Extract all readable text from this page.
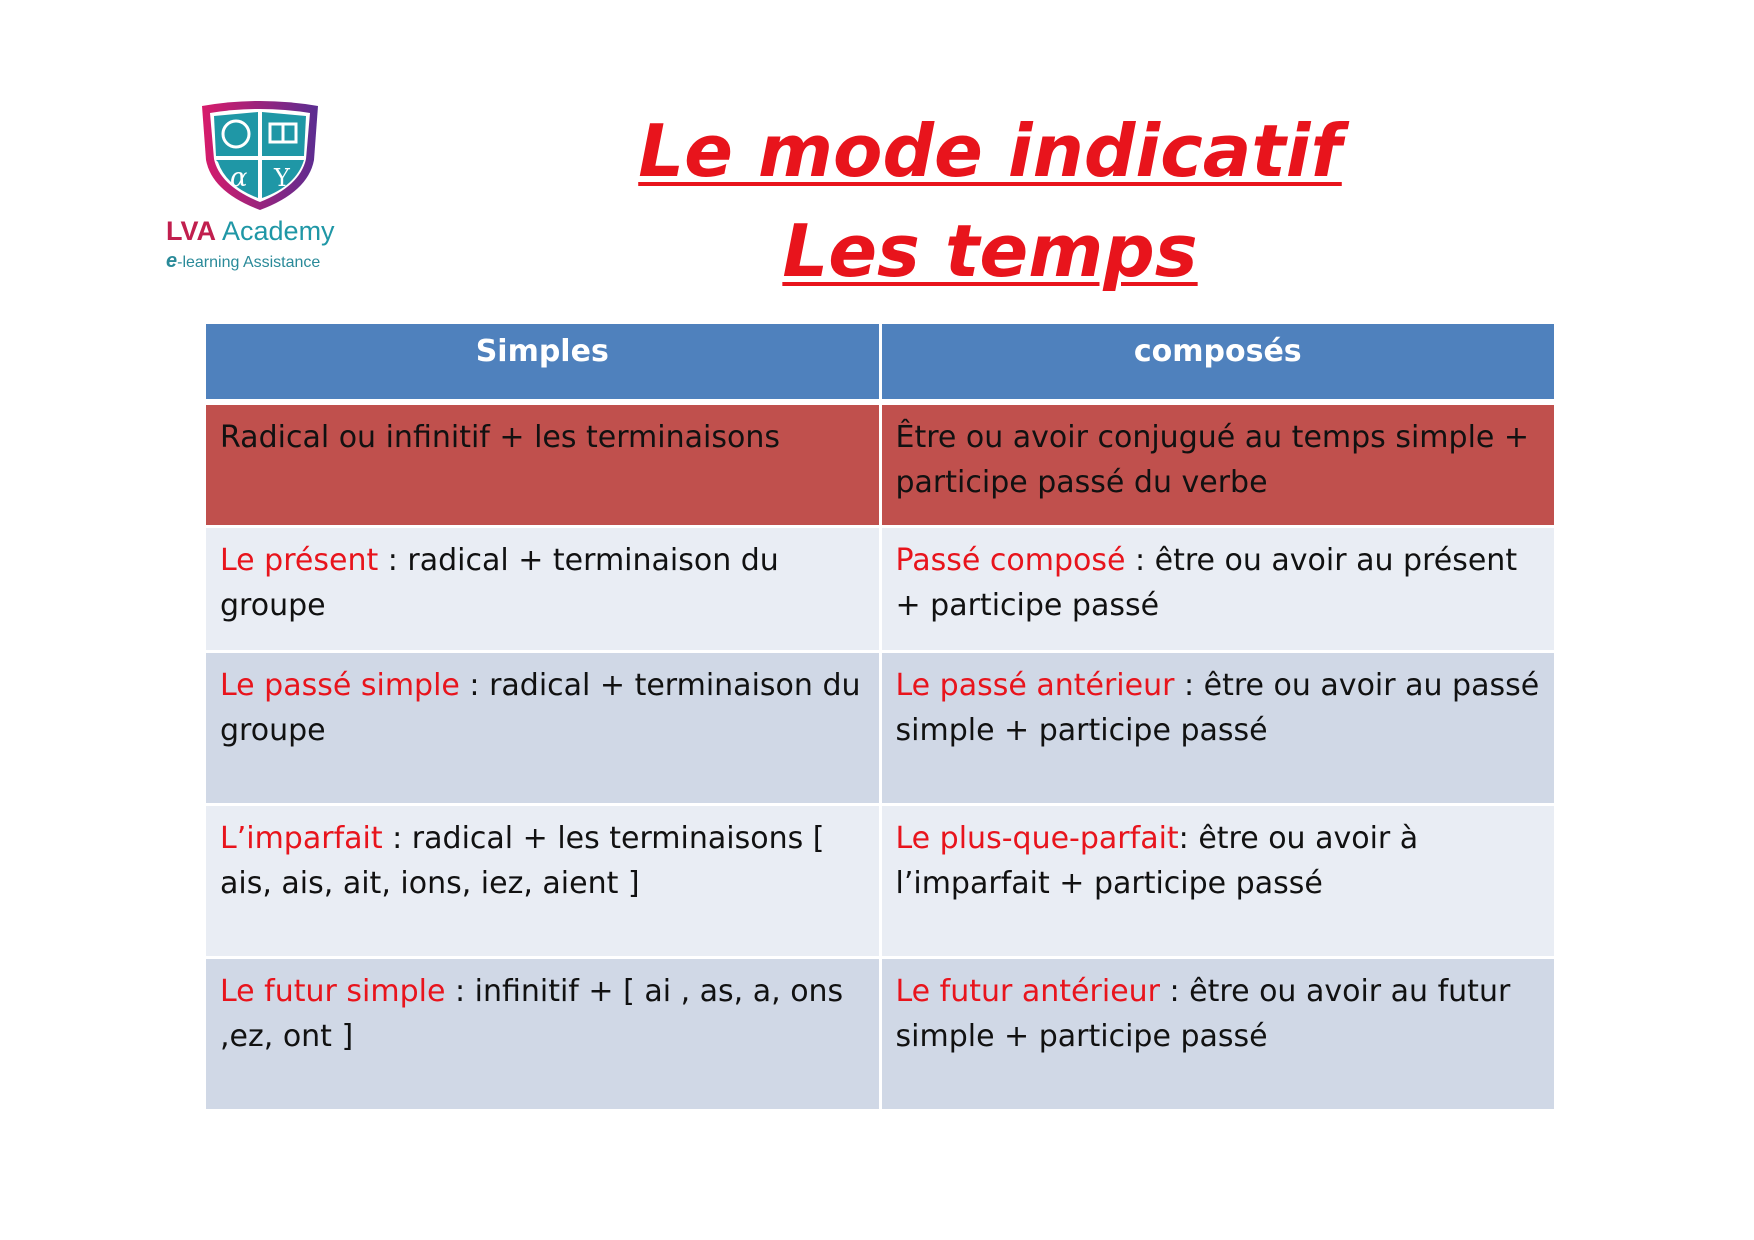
α Y
LVA Academy
e-learning Assistance
Le mode indicatif
Les temps
Simples	composés
Radical ou infinitif + les terminaisons	Être ou avoir conjugué au temps simple + participe passé du verbe
Le présent : radical + terminaison du groupe	Passé composé : être ou avoir au présent + participe passé
Le passé simple : radical + terminaison du groupe	Le passé antérieur : être ou avoir au passé simple + participe passé
L’imparfait : radical + les terminaisons [ ais, ais, ait, ions, iez, aient ]	Le plus-que-parfait: être ou avoir à l’imparfait + participe passé
Le futur simple : infinitif + [ ai , as, a, ons ,ez, ont ]	Le futur antérieur : être ou avoir au futur simple + participe passé
